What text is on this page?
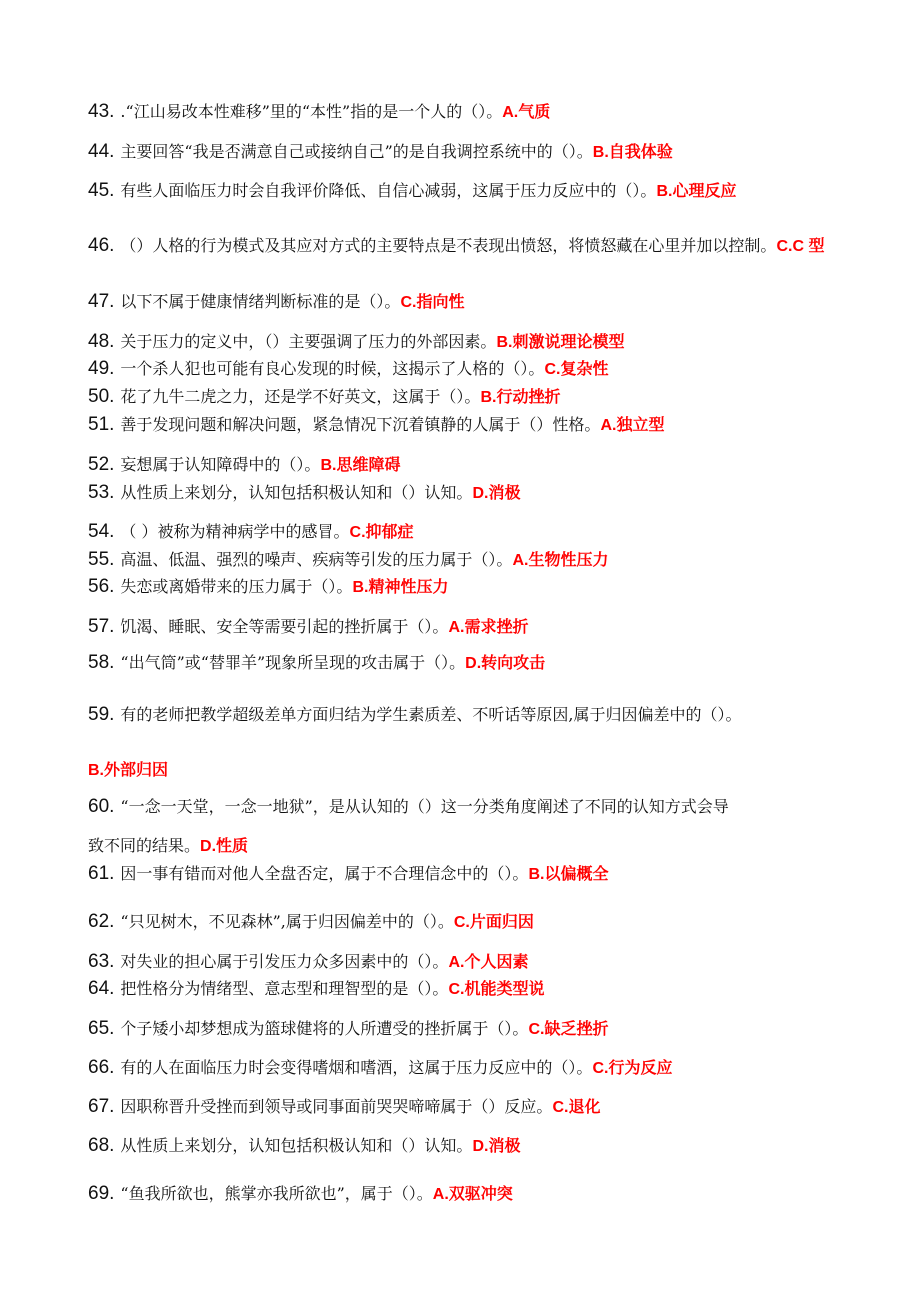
43. .“江山易改本性难移”里的“本性”指的是一个人的（）。A.气质

44. 主要回答“我是否满意自己或接纳自己”的是自我调控系统中的（）。B.自我体验

45. 有些人面临压力时会自我评价降低、自信心减弱，这属于压力反应中的（）。B.心理反应

46. （）人格的行为模式及其应对方式的主要特点是不表现出愤怒，将愤怒藏在心里并加以控制。C.C 型

47. 以下不属于健康情绪判断标准的是（）。C.指向性

48. 关于压力的定义中，（）主要强调了压力的外部因素。B.刺激说理论模型

49. 一个杀人犯也可能有良心发现的时候，这揭示了人格的（）。C.复杂性

50. 花了九牛二虎之力，还是学不好英文，这属于（）。B.行动挫折

51. 善于发现问题和解决问题，紧急情况下沉着镇静的人属于（）性格。A.独立型

52. 妄想属于认知障碍中的（）。B.思维障碍

53. 从性质上来划分，认知包括积极认知和（）认知。D.消极

54. （ ）被称为精神病学中的感冒。C.抑郁症

55. 高温、低温、强烈的噪声、疾病等引发的压力属于（）。A.生物性压力

56. 失恋或离婚带来的压力属于（）。B.精神性压力

57. 饥渴、睡眠、安全等需要引起的挫折属于（）。A.需求挫折

58. “出气筒”或“替罪羊”现象所呈现的攻击属于（）。D.转向攻击

59. 有的老师把教学超级差单方面归结为学生素质差、不听话等原因,属于归因偏差中的（）。

B.外部归因

60. “一念一天堂，一念一地狱”，是从认知的（）这一分类角度阐述了不同的认知方式会导

致不同的结果。D.性质

61. 因一事有错而对他人全盘否定，属于不合理信念中的（）。B.以偏概全

62. “只见树木，不见森林”,属于归因偏差中的（）。C.片面归因

63. 对失业的担心属于引发压力众多因素中的（）。A.个人因素

64. 把性格分为情绪型、意志型和理智型的是（）。C.机能类型说

65. 个子矮小却梦想成为篮球健将的人所遭受的挫折属于（）。C.缺乏挫折

66. 有的人在面临压力时会变得嗜烟和嗜酒，这属于压力反应中的（）。C.行为反应

67. 因职称晋升受挫而到领导或同事面前哭哭啼啼属于（）反应。C.退化

68. 从性质上来划分，认知包括积极认知和（）认知。D.消极

69. “鱼我所欲也，熊掌亦我所欲也”，属于（）。A.双驱冲突
